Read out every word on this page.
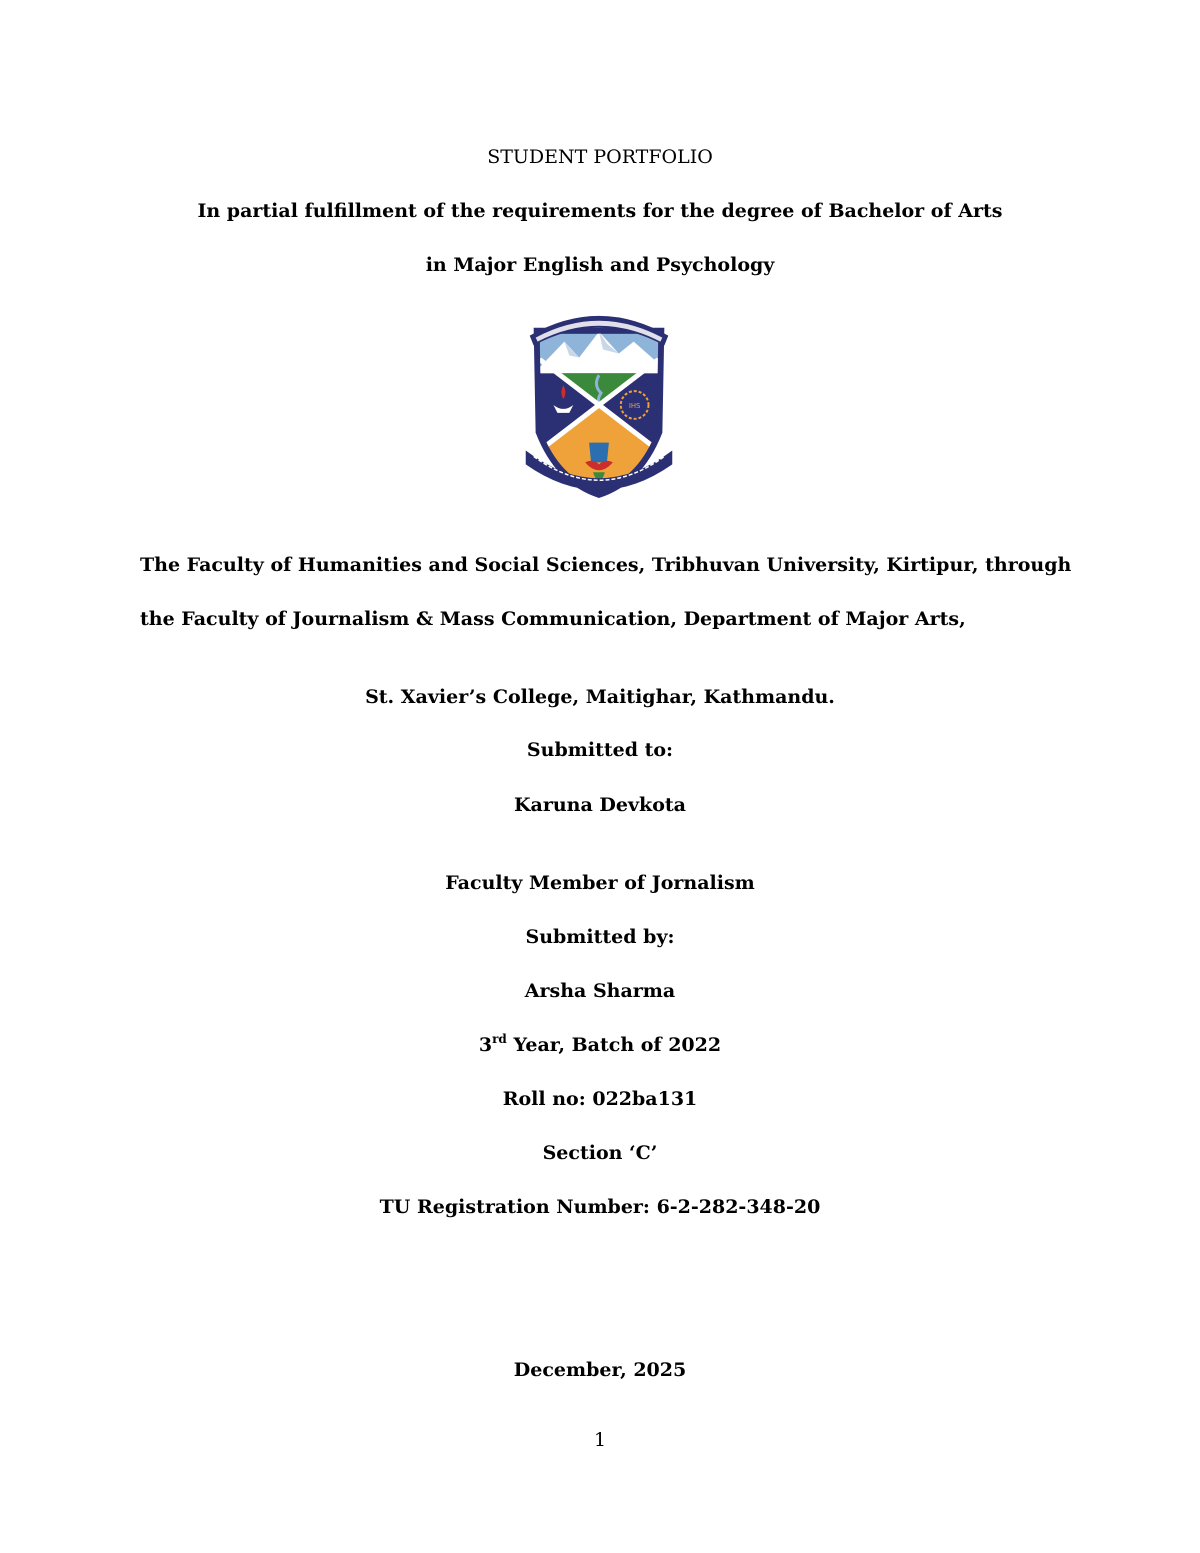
STUDENT PORTFOLIO
In partial fulfillment of the requirements for the degree of Bachelor of Arts
in Major English and Psychology
IHS
The Faculty of Humanities and Social Sciences, Tribhuvan University, Kirtipur, through
the Faculty of Journalism & Mass Communication, Department of Major Arts,
St. Xavier’s College, Maitighar, Kathmandu.
Submitted to:
Karuna Devkota
Faculty Member of Jornalism
Submitted by:
Arsha Sharma
3rd Year, Batch of 2022
Roll no: 022ba131
Section ‘C’
TU Registration Number: 6-2-282-348-20
December, 2025
1
